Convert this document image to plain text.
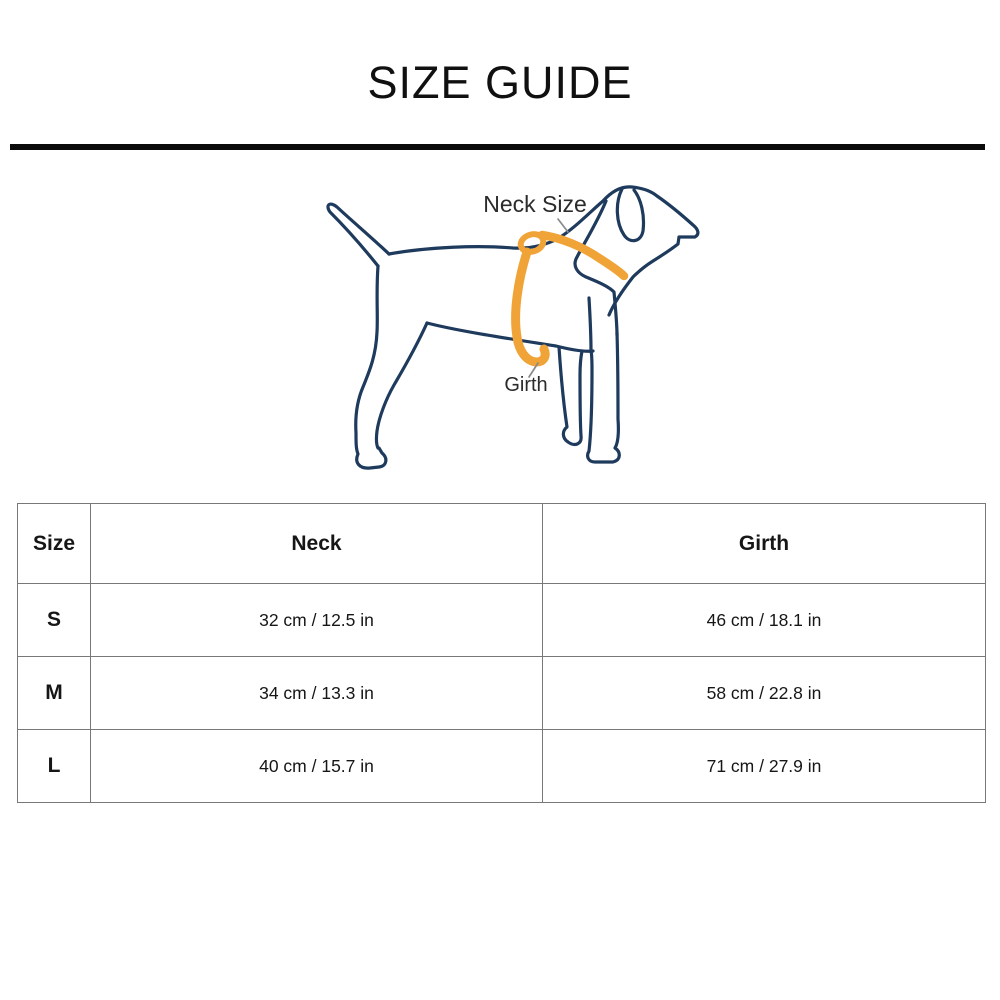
SIZE GUIDE
Neck Size
Girth
Size	Neck	Girth
S	32 cm / 12.5 in	46 cm / 18.1 in
M	34 cm / 13.3 in	58 cm / 22.8 in
L	40 cm / 15.7 in	71 cm / 27.9 in
